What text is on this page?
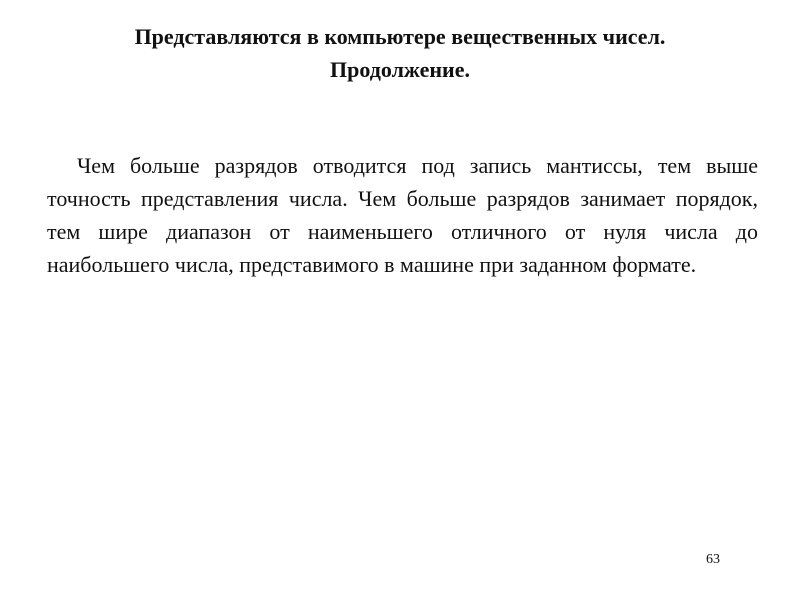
Представляются в компьютере вещественных чисел.
Продолжение.

Чем больше разрядов отводится под запись мантиссы, тем выше точность представления числа. Чем больше разрядов занимает порядок, тем шире диапазон от наименьшего отличного от нуля числа до наибольшего числа, представимого в машине при заданном формате.

63
